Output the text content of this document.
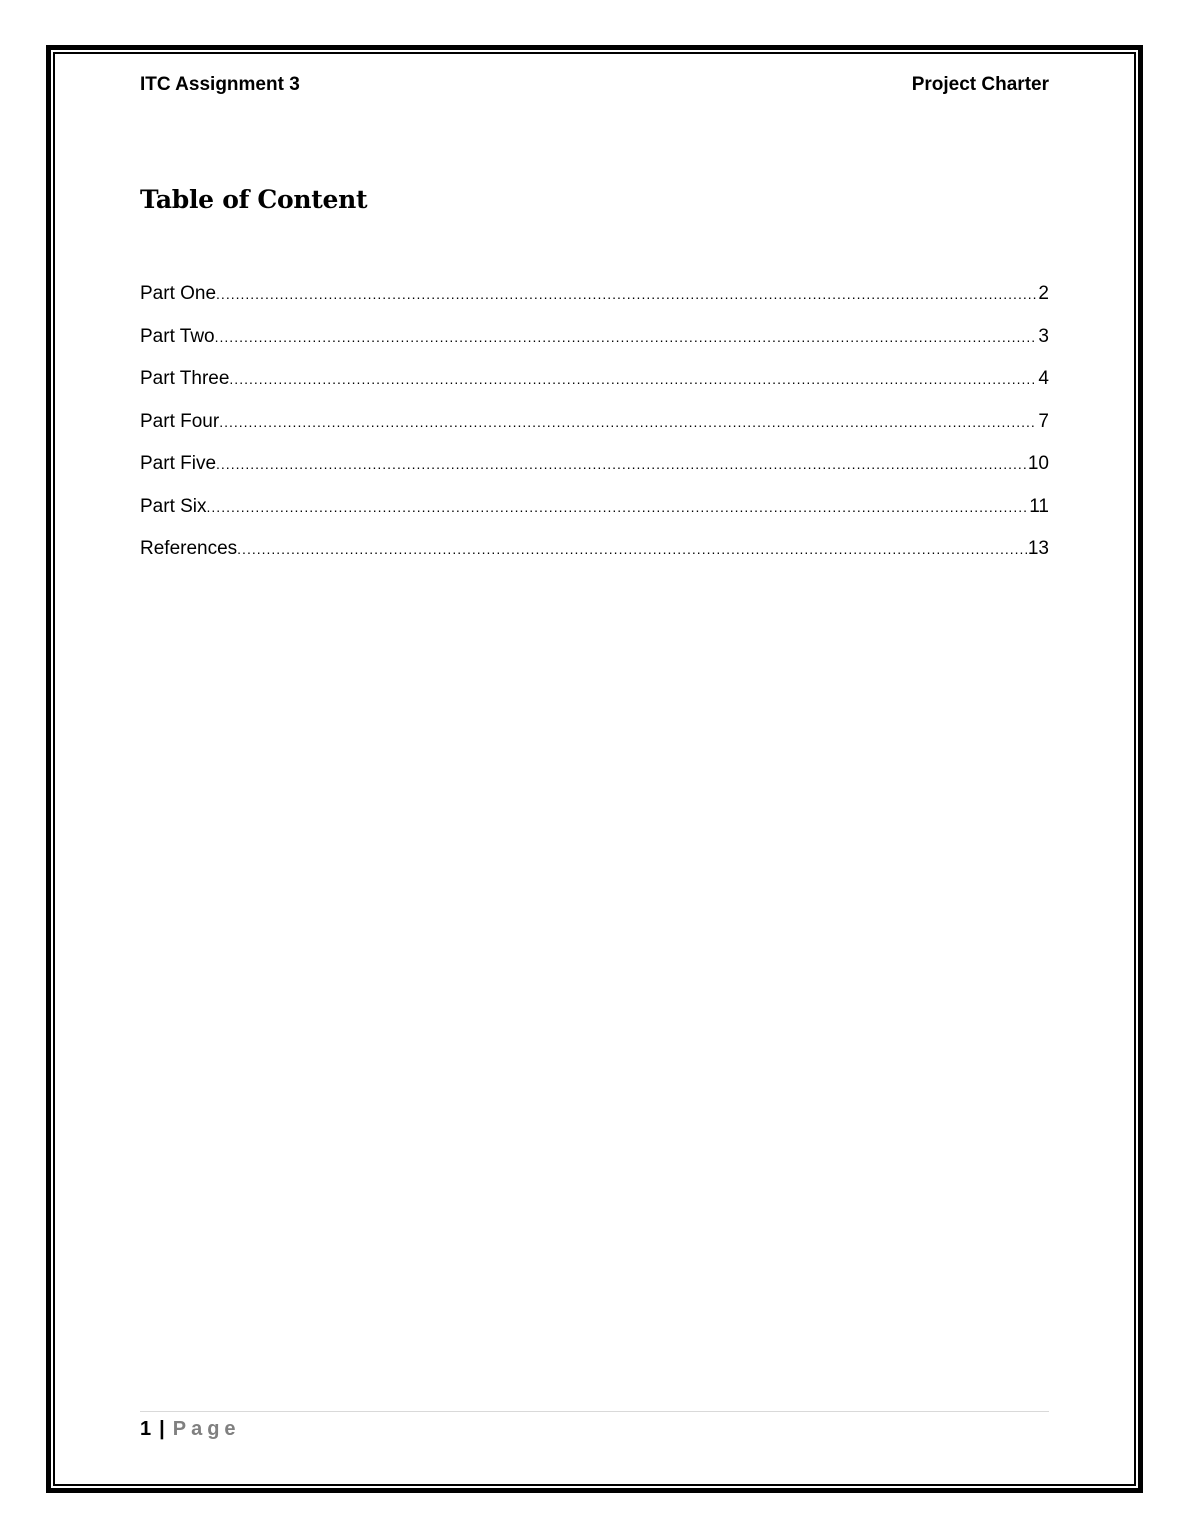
ITC Assignment 3	Project Charter
Table of Content
Part One .....	2
Part Two .....	3
Part Three .....	4
Part Four .....	7
Part Five .....	10
Part Six .....	11
References .....	13
1 | Page
